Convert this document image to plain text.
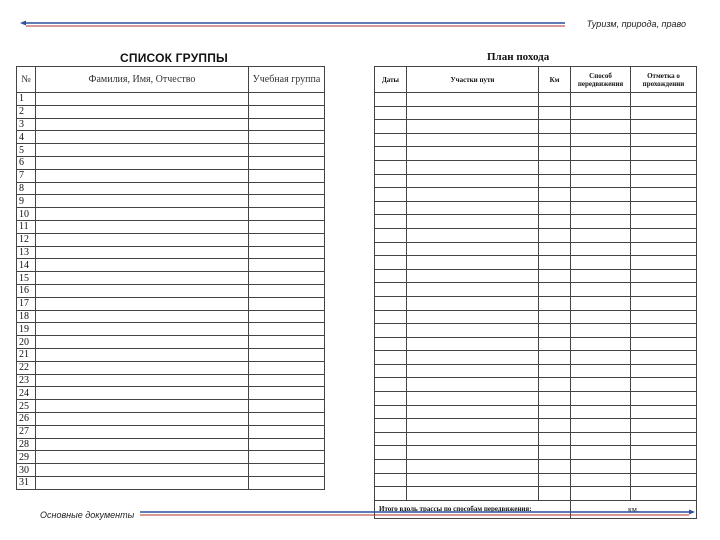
Туризм, природа, право
СПИСОК ГРУППЫ	План похода
№	Фамилия, Имя, Отчество	Учебная группа
1		
2		
3		
4		
5		
6		
7		
8		
9		
10		
11		
12		
13		
14		
15		
16		
17		
18		
19		
20		
21		
22		
23		
24		
25		
26		
27		
28		
29		
30		
31		
Даты	Участки пути	Км	Способ передвижения	Отметка о прохождении

Итого вдоль трассы по способам передвижения:			км.	
Основные документы
